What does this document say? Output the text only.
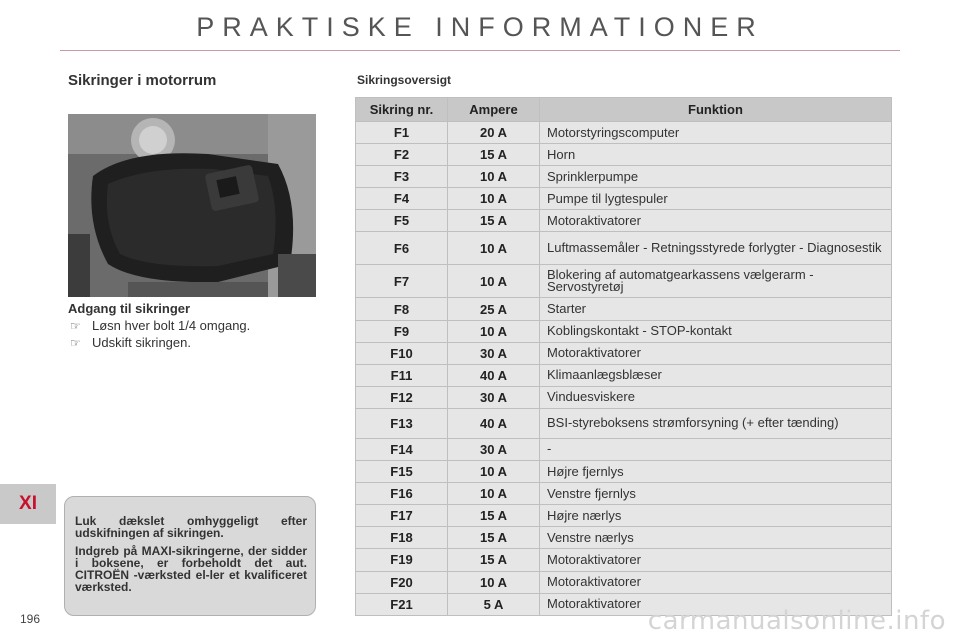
PRAKTISKE INFORMATIONER
Sikringer i motorrum
Adgang til sikringer
☞ Løsn hver bolt 1/4 omgang.
☞ Udskift sikringen.

Luk dækslet omhyggeligt efter udskifningen af sikringen.

Indgreb på MAXI-sikringerne, der sidder i boksene, er forbeholdt det aut. CITROËN -værksted el-ler et kvalificeret værksted.

XI
196
Sikringsoversigt
Sikring nr.	Ampere	Funktion
F1	20 A	Motorstyringscomputer
F2	15 A	Horn
F3	10 A	Sprinklerpumpe
F4	10 A	Pumpe til lygtespuler
F5	15 A	Motoraktivatorer
F6	10 A	Luftmassemåler - Retningsstyrede forlygter - Diagnosestik
F7	10 A	Blokering af automatgearkassens vælgerarm - Servostyretøj
F8	25 A	Starter
F9	10 A	Koblingskontakt - STOP-kontakt
F10	30 A	Motoraktivatorer
F11	40 A	Klimaanlægsblæser
F12	30 A	Vinduesviskere
F13	40 A	BSI-styreboksens strømforsyning (+ efter tænding)
F14	30 A	-
F15	10 A	Højre fjernlys
F16	10 A	Venstre fjernlys
F17	15 A	Højre nærlys
F18	15 A	Venstre nærlys
F19	15 A	Motoraktivatorer
F20	10 A	Motoraktivatorer
F21	5 A	Motoraktivatorer
carmanualsonline.info
